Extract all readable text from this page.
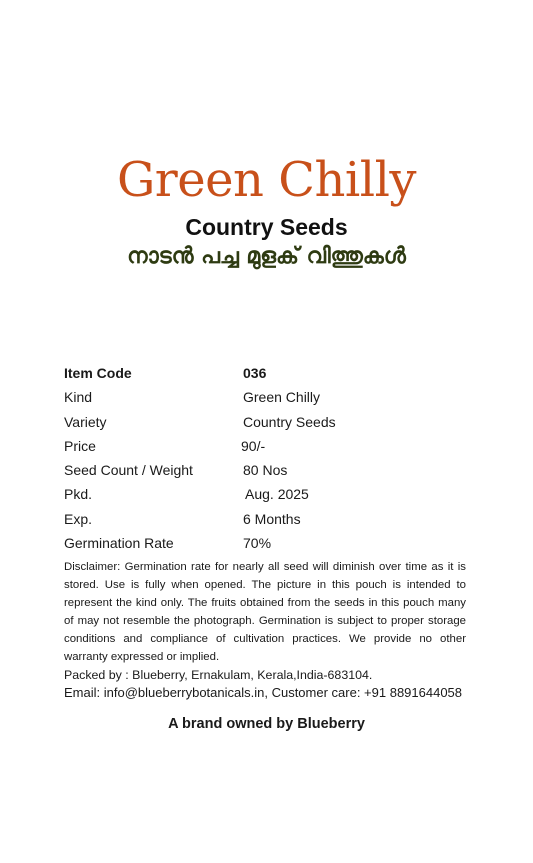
Green Chilly
Country Seeds
നാടൻ പച്ച മുളക് വിത്തുകൾ
Item Code	036
Kind	Green Chilly
Variety	Country Seeds
Price	90/-
Seed Count / Weight	80 Nos
Pkd.	Aug. 2025
Exp.	6 Months
Germination Rate	70%
Disclaimer: Germination rate for nearly all seed will diminish over time as it is stored. Use is fully when opened. The picture in this pouch is intended to represent the kind only. The fruits obtained from the seeds in this pouch many of may not resemble the photograph. Germination is subject to proper storage conditions and compliance of cultivation practices. We provide no other warranty expressed or implied.
Packed by : Blueberry, Ernakulam, Kerala,India-683104.
Email: info@blueberrybotanicals.in, Customer care: +91 8891644058
A brand owned by Blueberry
